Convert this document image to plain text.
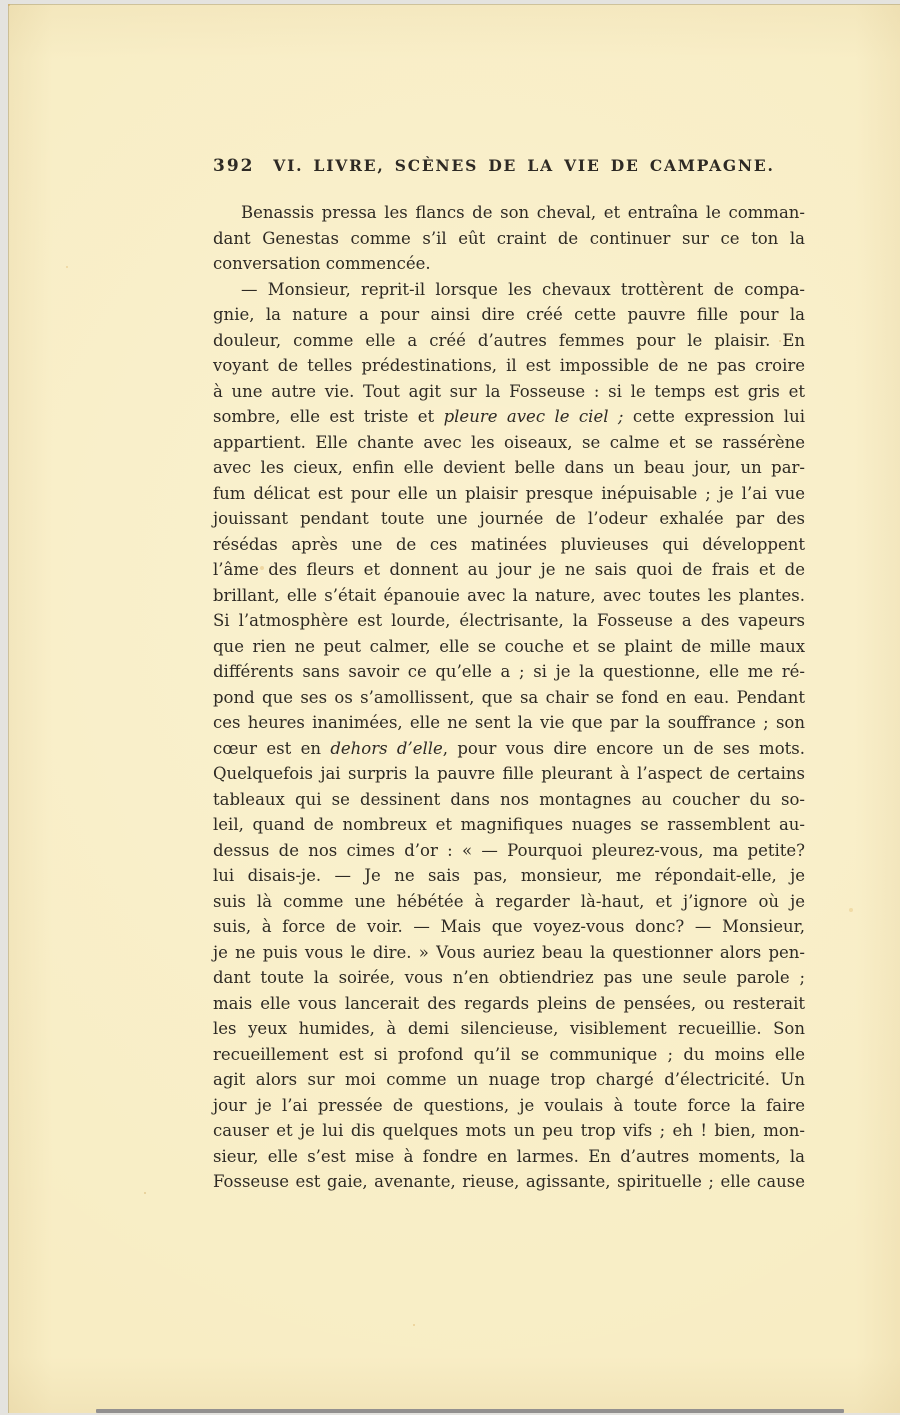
392 VI. LIVRE, SCÈNES DE LA VIE DE CAMPAGNE.
Benassis pressa les flancs de son cheval, et entraîna le comman-
dant Genestas comme s’il eût craint de continuer sur ce ton la
conversation commencée.
— Monsieur, reprit-il lorsque les chevaux trottèrent de compa-
gnie, la nature a pour ainsi dire créé cette pauvre fille pour la
douleur, comme elle a créé d’autres femmes pour le plaisir. En
voyant de telles prédestinations, il est impossible de ne pas croire
à une autre vie. Tout agit sur la Fosseuse : si le temps est gris et
sombre, elle est triste et pleure avec le ciel ; cette expression lui
appartient. Elle chante avec les oiseaux, se calme et se rassérène
avec les cieux, enfin elle devient belle dans un beau jour, un par-
fum délicat est pour elle un plaisir presque inépuisable ; je l’ai vue
jouissant pendant toute une journée de l’odeur exhalée par des
résédas après une de ces matinées pluvieuses qui développent
l’âme des fleurs et donnent au jour je ne sais quoi de frais et de
brillant, elle s’était épanouie avec la nature, avec toutes les plantes.
Si l’atmosphère est lourde, électrisante, la Fosseuse a des vapeurs
que rien ne peut calmer, elle se couche et se plaint de mille maux
différents sans savoir ce qu’elle a ; si je la questionne, elle me ré-
pond que ses os s’amollissent, que sa chair se fond en eau. Pendant
ces heures inanimées, elle ne sent la vie que par la souffrance ; son
cœur est en dehors d’elle, pour vous dire encore un de ses mots.
Quelquefois jai surpris la pauvre fille pleurant à l’aspect de certains
tableaux qui se dessinent dans nos montagnes au coucher du so-
leil, quand de nombreux et magnifiques nuages se rassemblent au-
dessus de nos cimes d’or : « — Pourquoi pleurez-vous, ma petite?
lui disais-je. — Je ne sais pas, monsieur, me répondait-elle, je
suis là comme une hébétée à regarder là-haut, et j’ignore où je
suis, à force de voir. — Mais que voyez-vous donc? — Monsieur,
je ne puis vous le dire. » Vous auriez beau la questionner alors pen-
dant toute la soirée, vous n’en obtiendriez pas une seule parole ;
mais elle vous lancerait des regards pleins de pensées, ou resterait
les yeux humides, à demi silencieuse, visiblement recueillie. Son
recueillement est si profond qu’il se communique ; du moins elle
agit alors sur moi comme un nuage trop chargé d’électricité. Un
jour je l’ai pressée de questions, je voulais à toute force la faire
causer et je lui dis quelques mots un peu trop vifs ; eh ! bien, mon-
sieur, elle s’est mise à fondre en larmes. En d’autres moments, la
Fosseuse est gaie, avenante, rieuse, agissante, spirituelle ; elle cause
